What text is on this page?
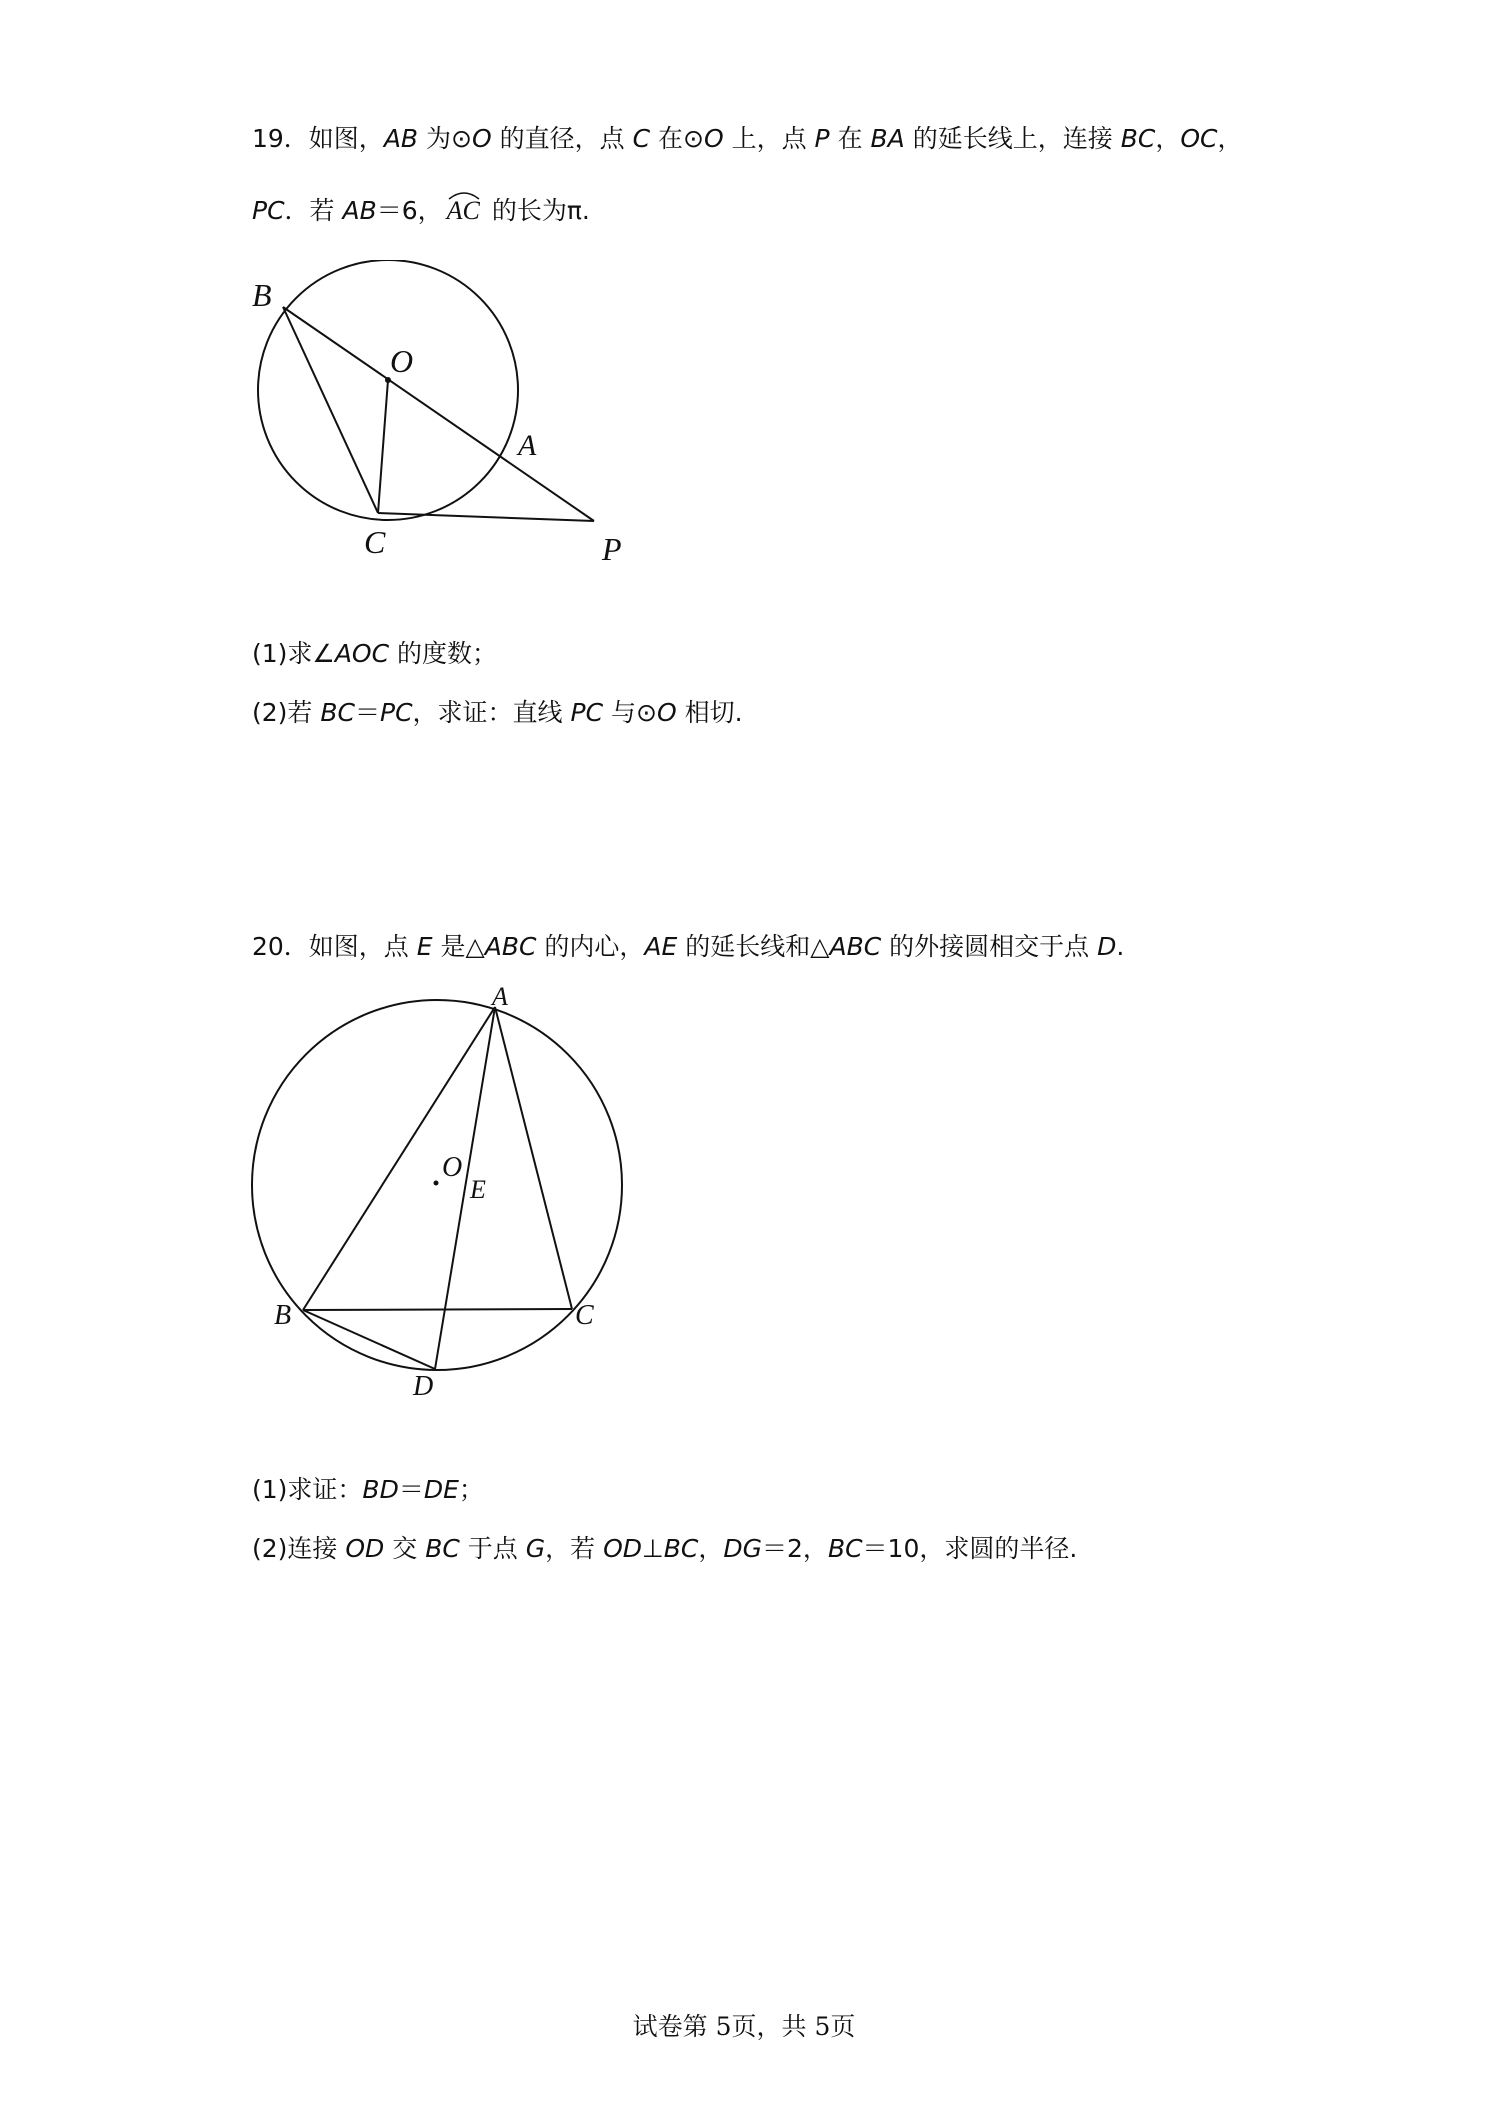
19．如图，AB 为⊙O 的直径，点 C 在⊙O 上，点 P 在 BA 的延长线上，连接 BC，OC，
PC．若 AB＝6， AC
的长为π.
B
O
A
C	P
(1)求∠AOC 的度数；
(2)若 BC＝PC，求证：直线 PC 与⊙O 相切.
20．如图，点 E 是△ABC 的内心，AE 的延长线和△ABC 的外接圆相交于点 D.
A
O
E
B	C
D
(1)求证：BD＝DE；
(2)连接 OD 交 BC 于点 G，若 OD⊥BC，DG＝2，BC＝10，求圆的半径.
试卷第 5页，共 5页
